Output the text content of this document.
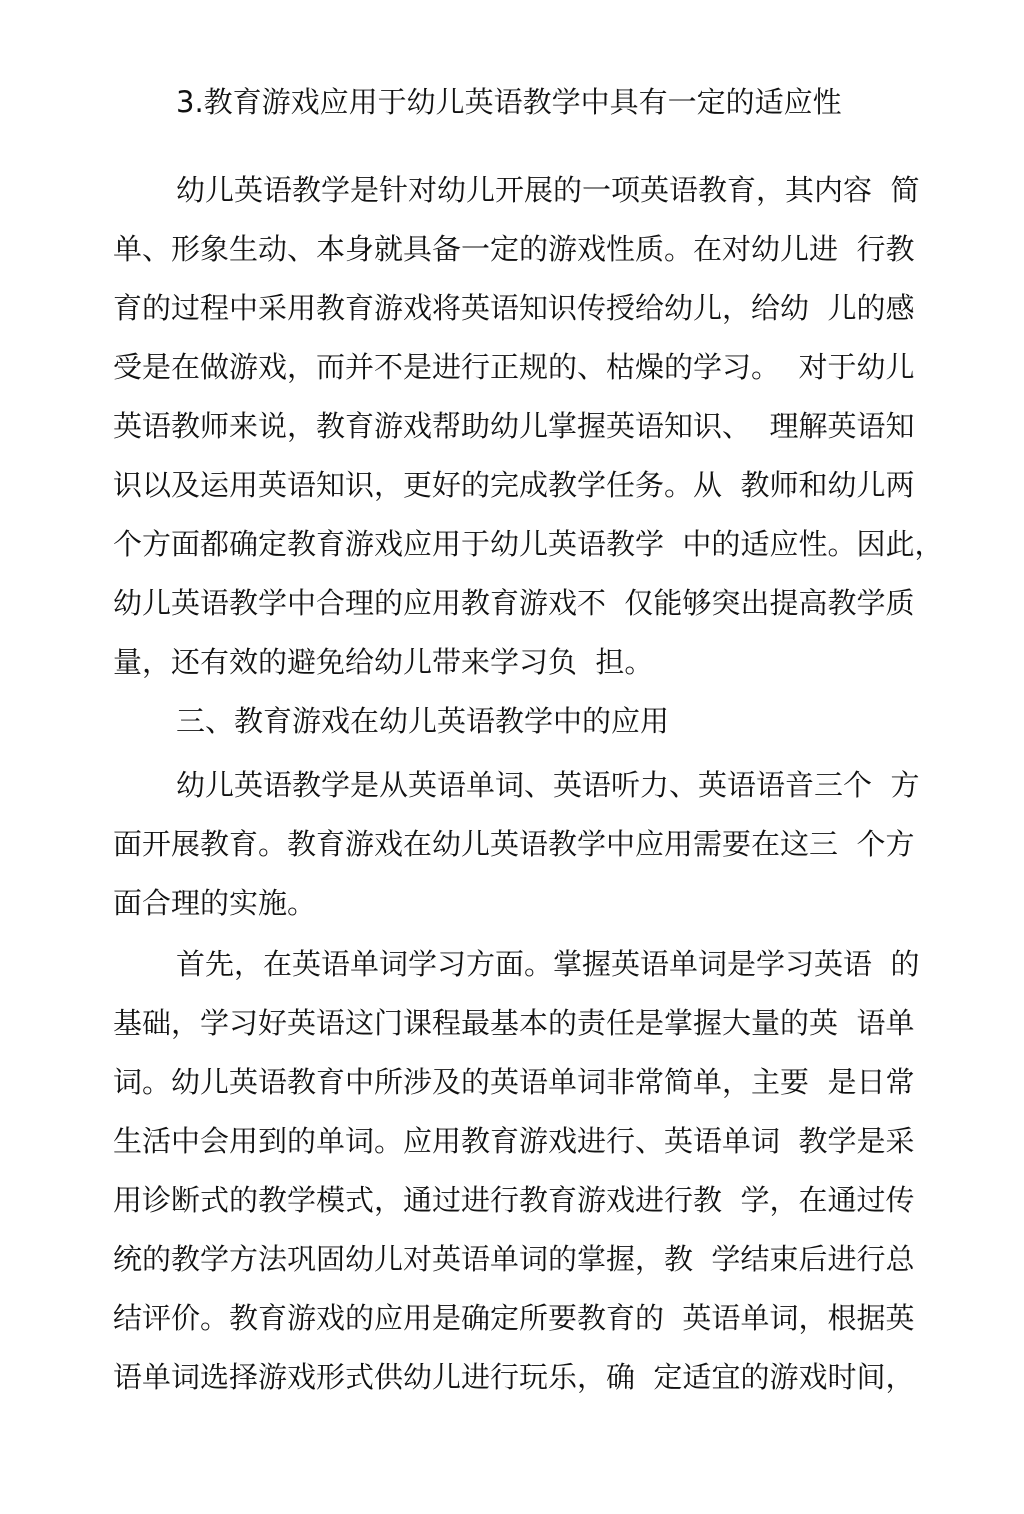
3.教育游戏应用于幼儿英语教学中具有一定的适应性
幼儿英语教学是针对幼儿开展的一项英语教育，其内容  简
单、形象生动、本身就具备一定的游戏性质。在对幼儿进  行教
育的过程中采用教育游戏将英语知识传授给幼儿，给幼  儿的感
受是在做游戏，而并不是进行正规的、枯燥的学习。  对于幼儿
英语教师来说，教育游戏帮助幼儿掌握英语知识、  理解英语知
识以及运用英语知识，更好的完成教学任务。从  教师和幼儿两
个方面都确定教育游戏应用于幼儿英语教学  中的适应性。因此，
幼儿英语教学中合理的应用教育游戏不  仅能够突出提高教学质
量，还有效的避免给幼儿带来学习负  担。
三、教育游戏在幼儿英语教学中的应用
幼儿英语教学是从英语单词、英语听力、英语语音三个  方
面开展教育。教育游戏在幼儿英语教学中应用需要在这三  个方
面合理的实施。
首先，在英语单词学习方面。掌握英语单词是学习英语  的
基础，学习好英语这门课程最基本的责任是掌握大量的英  语单
词。幼儿英语教育中所涉及的英语单词非常简单，主要  是日常
生活中会用到的单词。应用教育游戏进行、英语单词  教学是采
用诊断式的教学模式，通过进行教育游戏进行教  学，在通过传
统的教学方法巩固幼儿对英语单词的掌握，教  学结束后进行总
结评价。教育游戏的应用是确定所要教育的  英语单词，根据英
语单词选择游戏形式供幼儿进行玩乐，确  定适宜的游戏时间，
